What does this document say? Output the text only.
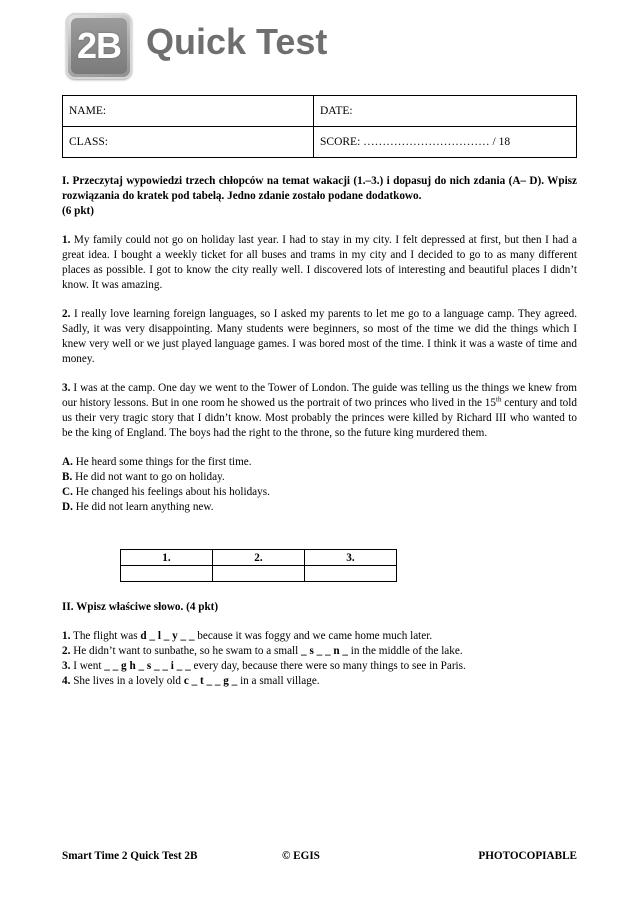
2B Quick Test
NAME:	DATE:
CLASS:	SCORE: …………………………… / 18

I. Przeczytaj wypowiedzi trzech chłopców na temat wakacji (1.–3.) i dopasuj do nich zdania (A– D). Wpisz rozwiązania do kratek pod tabelą. Jedno zdanie zostało podane dodatkowo.
(6 pkt)

1. My family could not go on holiday last year. I had to stay in my city. I felt depressed at first, but then I had a great idea. I bought a weekly ticket for all buses and trams in my city and I decided to go to as many different places as possible. I got to know the city really well. I discovered lots of interesting and beautiful places I didn’t know. It was amazing.

2. I really love learning foreign languages, so I asked my parents to let me go to a language camp. They agreed. Sadly, it was very disappointing. Many students were beginners, so most of the time we did the things which I knew very well or we just played language games. I was bored most of the time. I think it was a waste of time and money.

3. I was at the camp. One day we went to the Tower of London. The guide was telling us the things we knew from our history lessons. But in one room he showed us the portrait of two princes who lived in the 15th century and told us their very tragic story that I didn’t know. Most probably the princes were killed by Richard III who wanted to be the king of England. The boys had the right to the throne, so the future king murdered them.

A. He heard some things for the first time.

B. He did not want to go on holiday.

C. He changed his feelings about his holidays.

D. He did not learn anything new.

1.	2.	3.

II. Wpisz właściwe słowo. (4 pkt)

1. The flight was d _ l _ y _ _ because it was foggy and we came home much later.

2. He didn’t want to sunbathe, so he swam to a small _ s _ _ n _ in the middle of the lake.

3. I went _ _ g h _ s _ _ i _ _ every day, because there were so many things to see in Paris.

4. She lives in a lovely old c _ t _ _ g _ in a small village.

Smart Time 2 Quick Test 2B	© EGIS	PHOTOCOPIABLE
